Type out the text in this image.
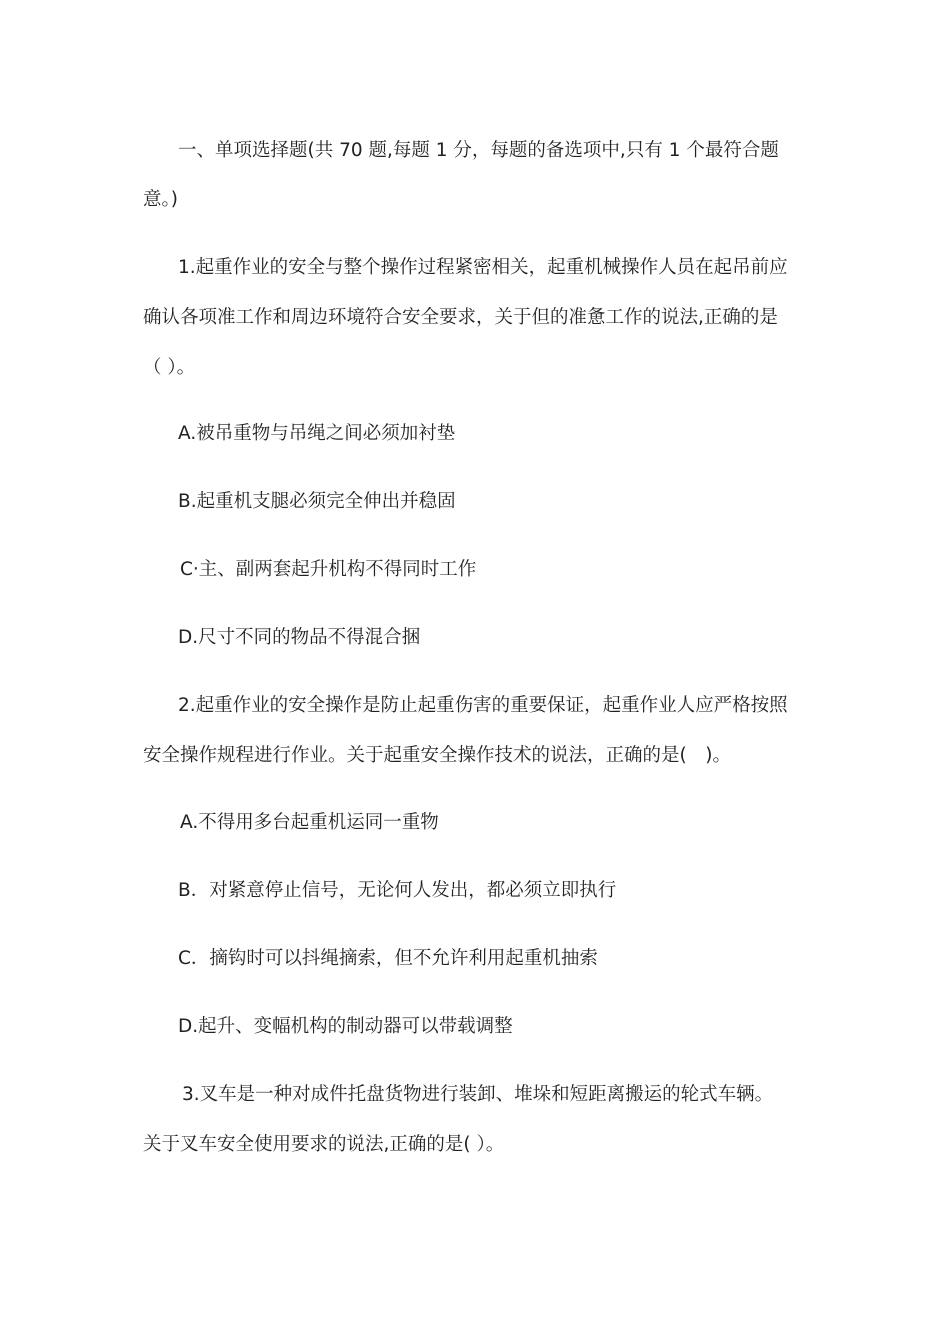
一、单项选择题(共 70 题,每题 1 分，每题的备选项中,只有 1 个最符合题
意。)
1.起重作业的安全与整个操作过程紧密相关，起重机械操作人员在起吊前应
确认各项准工作和周边环境符合安全要求，关于但的准惫工作的说法,正确的是
（ ）。
A.被吊重物与吊绳之间必须加衬垫
B.起重机支腿必须完全伸出并稳固
C·主、副两套起升机构不得同时工作
D.尺寸不同的物品不得混合捆
2.起重作业的安全操作是防止起重伤害的重要保证，起重作业人应严格按照
安全操作规程进行作业。关于起重安全操作技术的说法，正确的是(　)。
A.不得用多台起重机运同一重物
B．对紧意停止信号，无论何人发出，都必须立即执行
C．摘钩时可以抖绳摘索，但不允许利用起重机抽索
D.起升、变幅机构的制动器可以带载调整
3.叉车是一种对成件托盘货物进行装卸、堆垛和短距离搬运的轮式车辆。
关于叉车安全使用要求的说法,正确的是( ）。
